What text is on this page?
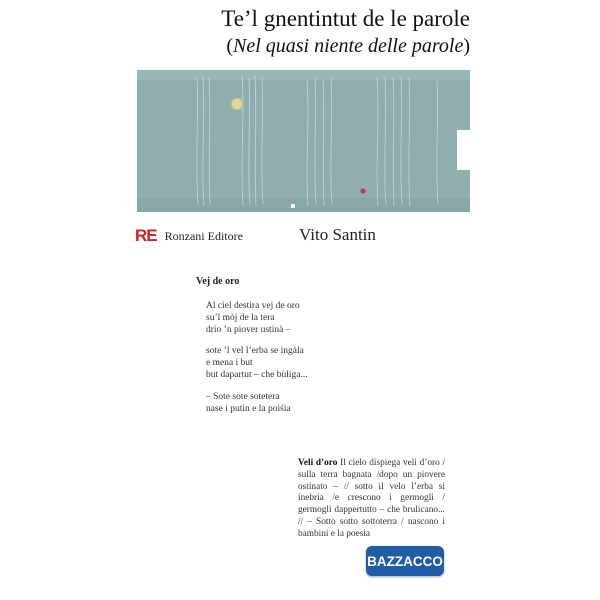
Te’l gnentintut de le parole
(Nel quasi niente delle parole)
RE Ronzani Editore	Vito Santin
Vej de oro
Al ciel destira vej de oro
su’l mòj de la tera
drìo ’n piover ustinà –
sote ’l vel l’erba se ingàla
e mena i but
but dapartut – che bùliga...
– Sote sote sotetera
nase i putin e la poiśia
Veli d’oro Il cielo dispiega veli d’oro / sulla terra bagnata /dopo un piovere ostinato – // sotto il velo l’erba si inebria /e crescono i germogli / germogli dappertutto – che brulicano... // – Sotto sotto sottoterra / nascono i bambini e la poesia
BAZZACCO
